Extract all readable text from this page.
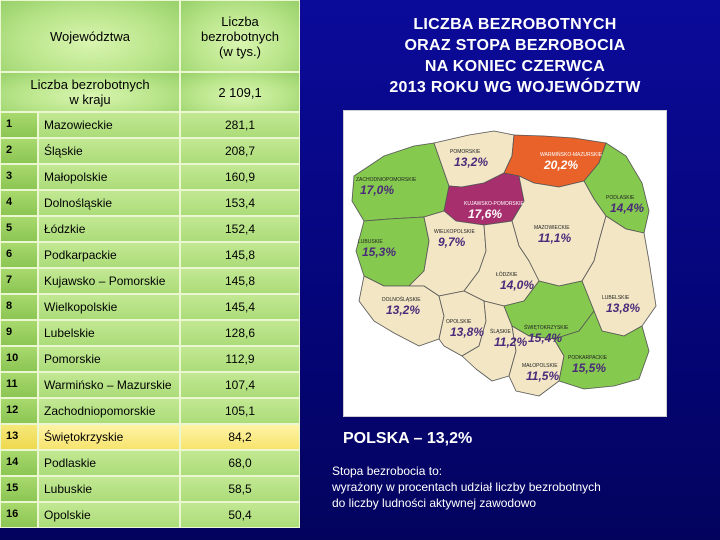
Województwa
Liczba bezrobotnych (w tys.)
Liczba bezrobotnych w kraju	2 109,1
1	Mazowieckie	281,1
2	Śląskie	208,7
3	Małopolskie	160,9
4	Dolnośląskie	153,4
5	Łódzkie	152,4
6	Podkarpackie	145,8
7	Kujawsko – Pomorskie	145,8
8	Wielkopolskie	145,4
9	Lubelskie	128,6
10	Pomorskie	112,9
11	Warmińsko – Mazurskie	107,4
12	Zachodniopomorskie	105,1
13	Świętokrzyskie	84,2
14	Podlaskie	68,0
15	Lubuskie	58,5
16	Opolskie	50,4
LICZBA BEZROBOTNYCH
ORAZ STOPA BEZROBOCIA
NA KONIEC CZERWCA
2013 ROKU WG WOJEWÓDZTW
POMORSKIE
13,2%	WARMIŃSKO-MAZURSKIE
20,2%
ZACHODNIOPOMORSKIE
17,0%
KUJAWSKO-POMORSKIE
17,6%
PODLASKIE
14,4%
LUBUSKIE
15,3%
WIELKOPOLSKIE
9,7%
MAZOWIECKIE
11,1%
ŁÓDZKIE
14,0%
DOLNOŚLĄSKIE
13,2%
OPOLSKIE
13,8% ŚLĄSKIE
11,2%
ŚWIĘTOKRZYSKIE
15,4%
LUBELSKIE
13,8%
MAŁOPOLSKIE
11,5%
PODKARPACKIE
15,5%
POLSKA – 13,2%
Stopa bezrobocia to:
wyrażony w procentach udział liczby bezrobotnych
do liczby ludności aktywnej zawodowo
